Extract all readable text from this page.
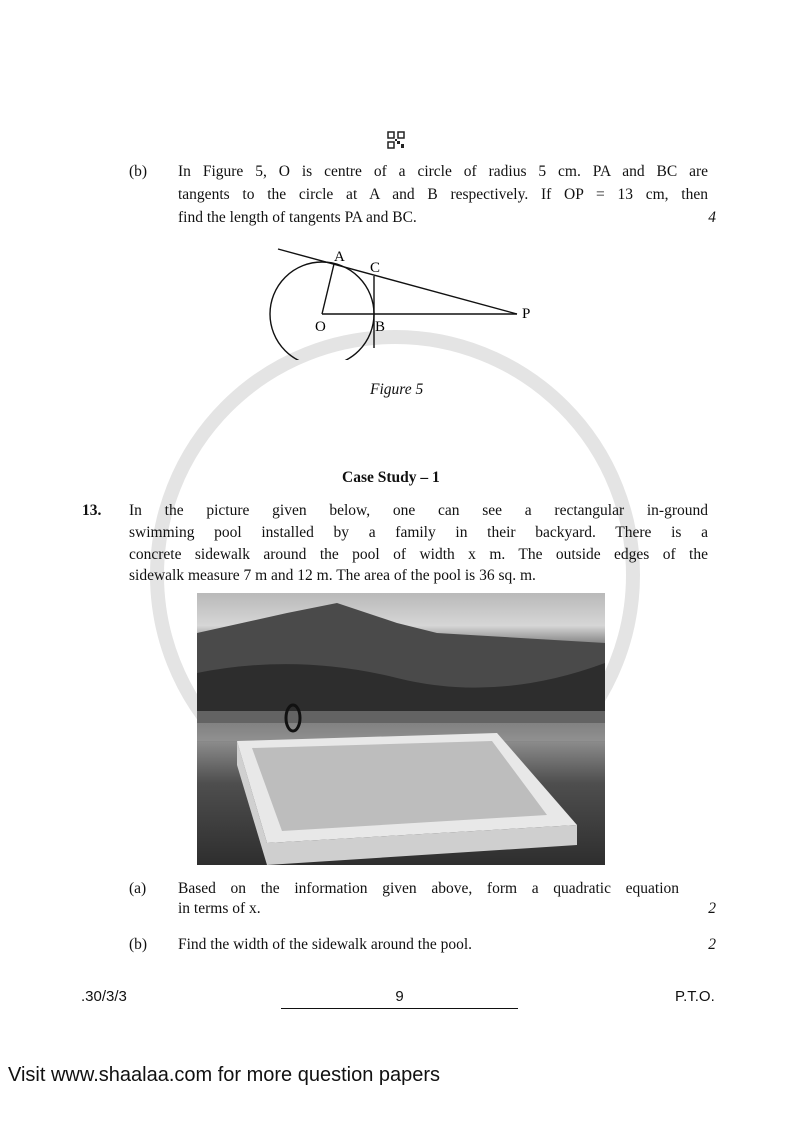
(b) In Figure 5, O is centre of a circle of radius 5 cm. PA and BC are
tangents to the circle at A and B respectively. If OP = 13 cm, then
find the length of tangents PA and BC.	4
A
C
O	B
P
Figure 5
Case Study – 1
13. In the picture given below, one can see a rectangular in-ground
swimming pool installed by a family in their backyard. There is a
concrete sidewalk around the pool of width x m. The outside edges of the
sidewalk measure 7 m and 12 m. The area of the pool is 36 sq. m.
(a) Based on the information given above, form a quadratic equation
in terms of x.	2
(b) Find the width of the sidewalk around the pool.	2
.30/3/3	9	P.T.O.
Visit www.shaalaa.com for more question papers
